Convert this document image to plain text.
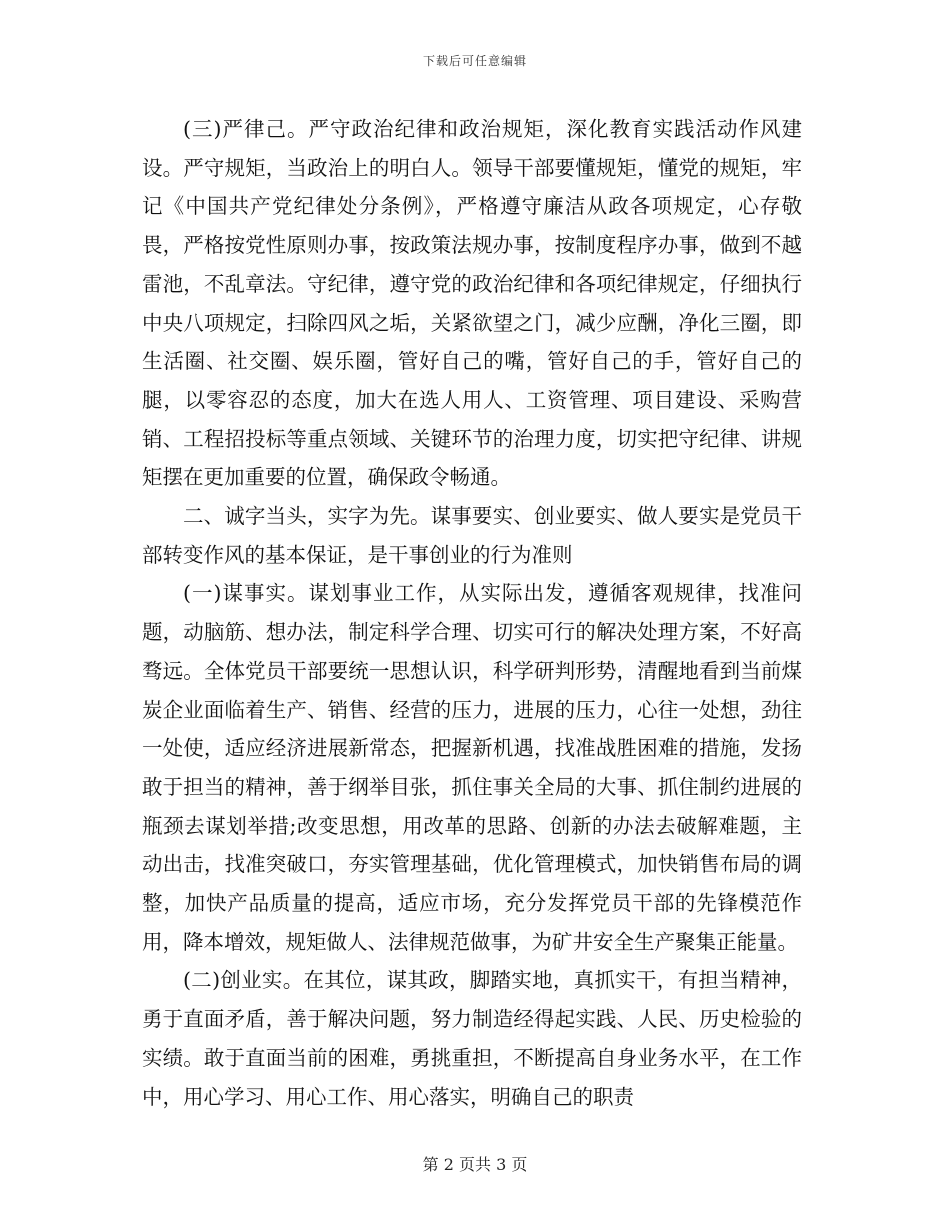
下载后可任意编辑

(三)严律己。严守政治纪律和政治规矩，深化教育实践活动作风建设。严守规矩，当政治上的明白人。领导干部要懂规矩，懂党的规矩，牢记《中国共产党纪律处分条例》，严格遵守廉洁从政各项规定，心存敬畏，严格按党性原则办事，按政策法规办事，按制度程序办事，做到不越雷池，不乱章法。守纪律，遵守党的政治纪律和各项纪律规定，仔细执行中央八项规定，扫除四风之垢，关紧欲望之门，减少应酬，净化三圈，即生活圈、社交圈、娱乐圈，管好自己的嘴，管好自己的手，管好自己的腿，以零容忍的态度，加大在选人用人、工资管理、项目建设、采购营销、工程招投标等重点领域、关键环节的治理力度，切实把守纪律、讲规矩摆在更加重要的位置，确保政令畅通。

二、诚字当头，实字为先。谋事要实、创业要实、做人要实是党员干部转变作风的基本保证，是干事创业的行为准则

(一)谋事实。谋划事业工作，从实际出发，遵循客观规律，找准问题，动脑筋、想办法，制定科学合理、切实可行的解决处理方案，不好高骛远。全体党员干部要统一思想认识，科学研判形势，清醒地看到当前煤炭企业面临着生产、销售、经营的压力，进展的压力，心往一处想，劲往一处使，适应经济进展新常态，把握新机遇，找准战胜困难的措施，发扬敢于担当的精神，善于纲举目张，抓住事关全局的大事、抓住制约进展的瓶颈去谋划举措;改变思想，用改革的思路、创新的办法去破解难题，主动出击，找准突破口，夯实管理基础，优化管理模式，加快销售布局的调整，加快产品质量的提高，适应市场，充分发挥党员干部的先锋模范作用，降本增效，规矩做人、法律规范做事，为矿井安全生产聚集正能量。

(二)创业实。在其位，谋其政，脚踏实地，真抓实干，有担当精神，勇于直面矛盾，善于解决问题，努力制造经得起实践、人民、历史检验的实绩。敢于直面当前的困难，勇挑重担，不断提高自身业务水平，在工作中，用心学习、用心工作、用心落实，明确自己的职责

第 2 页共 3 页
